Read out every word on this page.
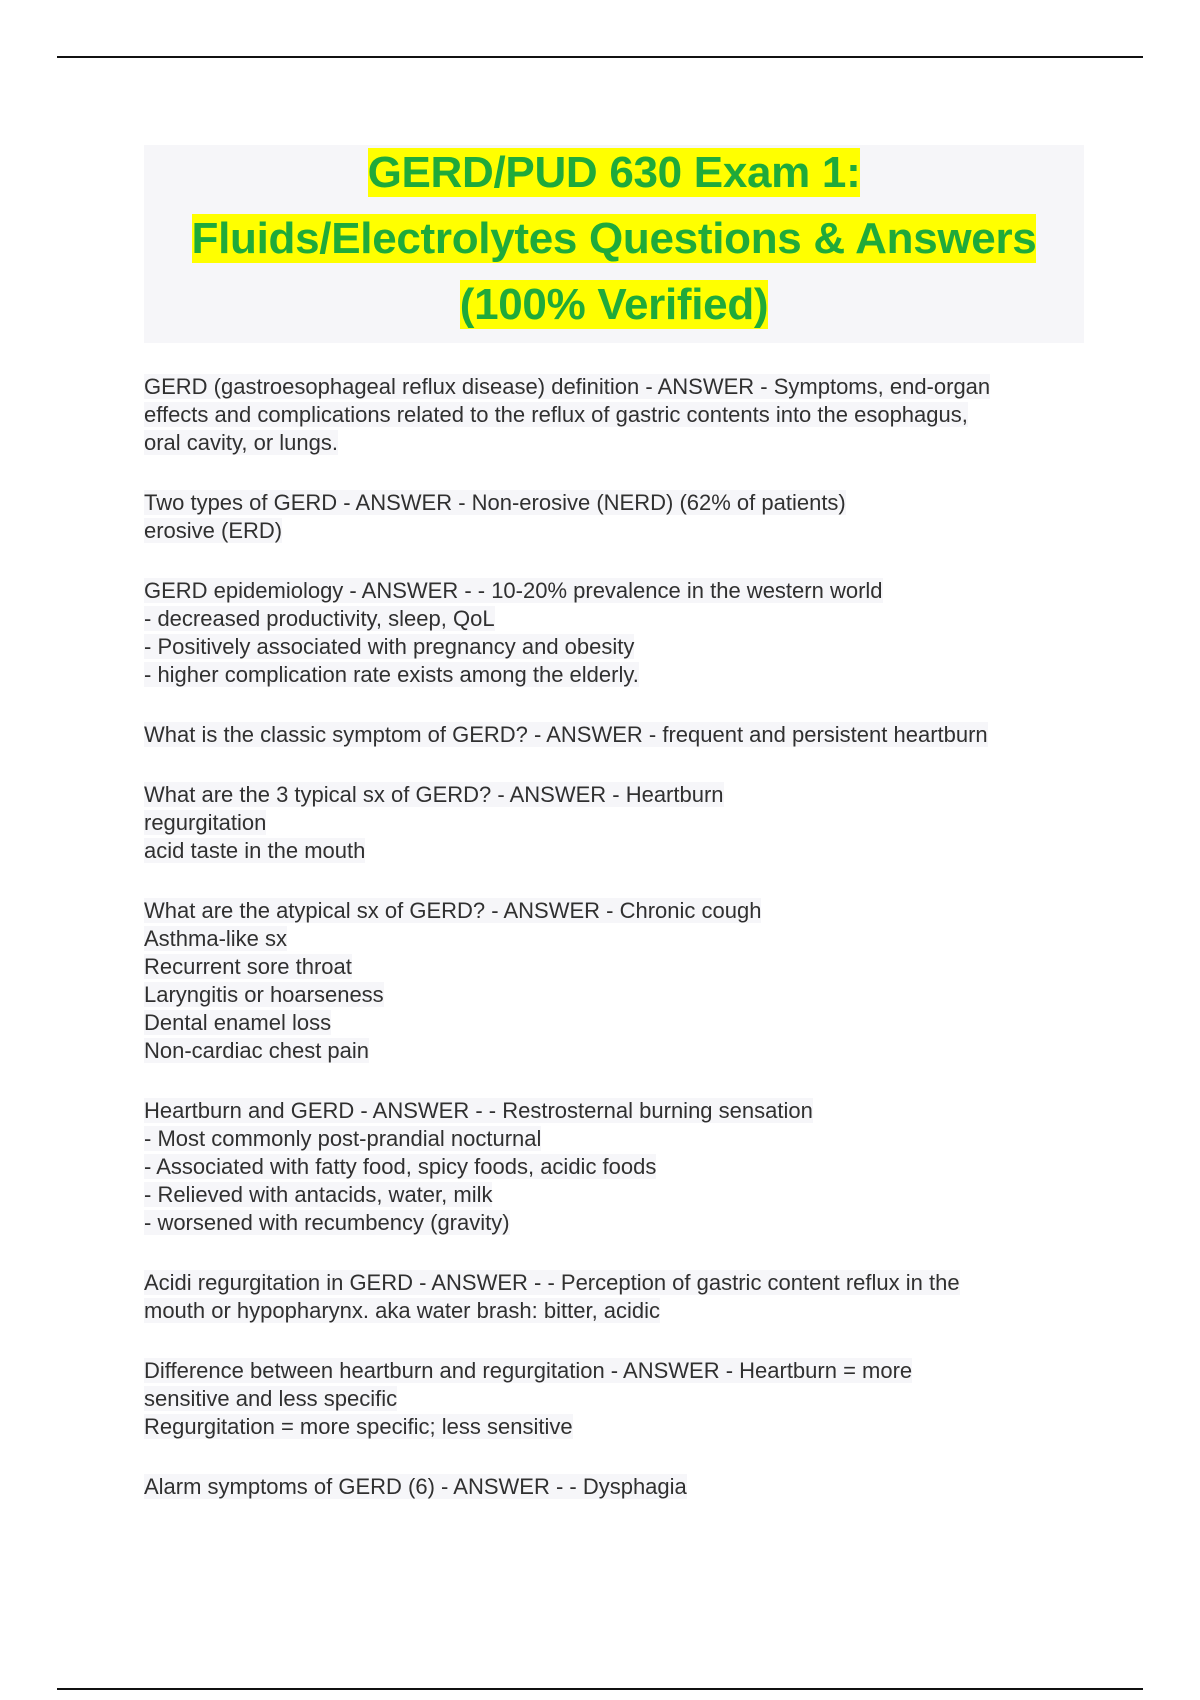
GERD/PUD 630 Exam 1:
Fluids/Electrolytes Questions & Answers
(100% Verified)
GERD (gastroesophageal reflux disease) definition - ANSWER - Symptoms, end-organ
effects and complications related to the reflux of gastric contents into the esophagus,
oral cavity, or lungs.
Two types of GERD - ANSWER - Non-erosive (NERD) (62% of patients)
erosive (ERD)
GERD epidemiology - ANSWER - - 10-20% prevalence in the western world
- decreased productivity, sleep, QoL
- Positively associated with pregnancy and obesity
- higher complication rate exists among the elderly.
What is the classic symptom of GERD? - ANSWER - frequent and persistent heartburn
What are the 3 typical sx of GERD? - ANSWER - Heartburn
regurgitation
acid taste in the mouth
What are the atypical sx of GERD? - ANSWER - Chronic cough
Asthma-like sx
Recurrent sore throat
Laryngitis or hoarseness
Dental enamel loss
Non-cardiac chest pain
Heartburn and GERD - ANSWER - - Restrosternal burning sensation
- Most commonly post-prandial nocturnal
- Associated with fatty food, spicy foods, acidic foods
- Relieved with antacids, water, milk
- worsened with recumbency (gravity)
Acidi regurgitation in GERD - ANSWER - - Perception of gastric content reflux in the
mouth or hypopharynx. aka water brash: bitter, acidic
Difference between heartburn and regurgitation - ANSWER - Heartburn = more
sensitive and less specific
Regurgitation = more specific; less sensitive
Alarm symptoms of GERD (6) - ANSWER - - Dysphagia
